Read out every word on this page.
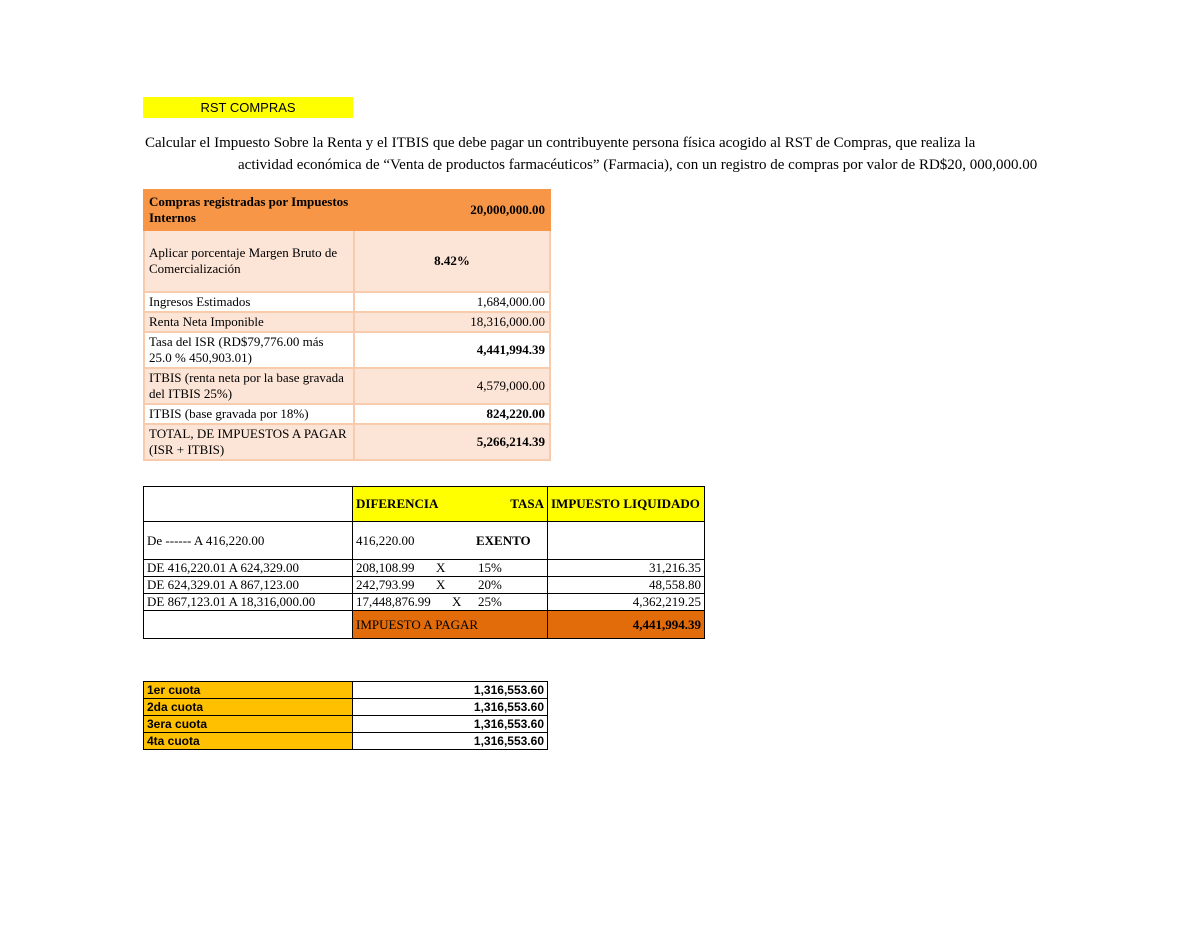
RST COMPRAS
Calcular el Impuesto Sobre la Renta y el ITBIS que debe pagar un contribuyente persona física acogido al RST de Compras, que realiza la
actividad económica de “Venta de productos farmacéuticos” (Farmacia), con un registro de compras por valor de RD$20, 000,000.00
Compras registradas por Impuestos Internos	20,000,000.00
Aplicar porcentaje Margen Bruto de Comercialización	8.42%
Ingresos Estimados	1,684,000.00
Renta Neta Imponible	18,316,000.00
Tasa del ISR (RD$79,776.00 más 25.0 % 450,903.01)	4,441,994.39
ITBIS (renta neta por la base gravada del ITBIS 25%)	4,579,000.00
ITBIS (base gravada por 18%)	824,220.00
TOTAL, DE IMPUESTOS A PAGAR (ISR + ITBIS)	5,266,214.39

	DIFERENCIA TASA	IMPUESTO LIQUIDADO
De ------ A 416,220.00	416,220.00 EXENTO	
DE 416,220.01 A 624,329.00	208,108.99 X 15%	31,216.35
DE 624,329.01 A 867,123.00	242,793.99 X 20%	48,558.80
DE 867,123.01 A 18,316,000.00	17,448,876.99 X 25%	4,362,219.25
	IMPUESTO A PAGAR	4,441,994.39
1er cuota	1,316,553.60
2da cuota	1,316,553.60
3era cuota	1,316,553.60
4ta cuota	1,316,553.60
